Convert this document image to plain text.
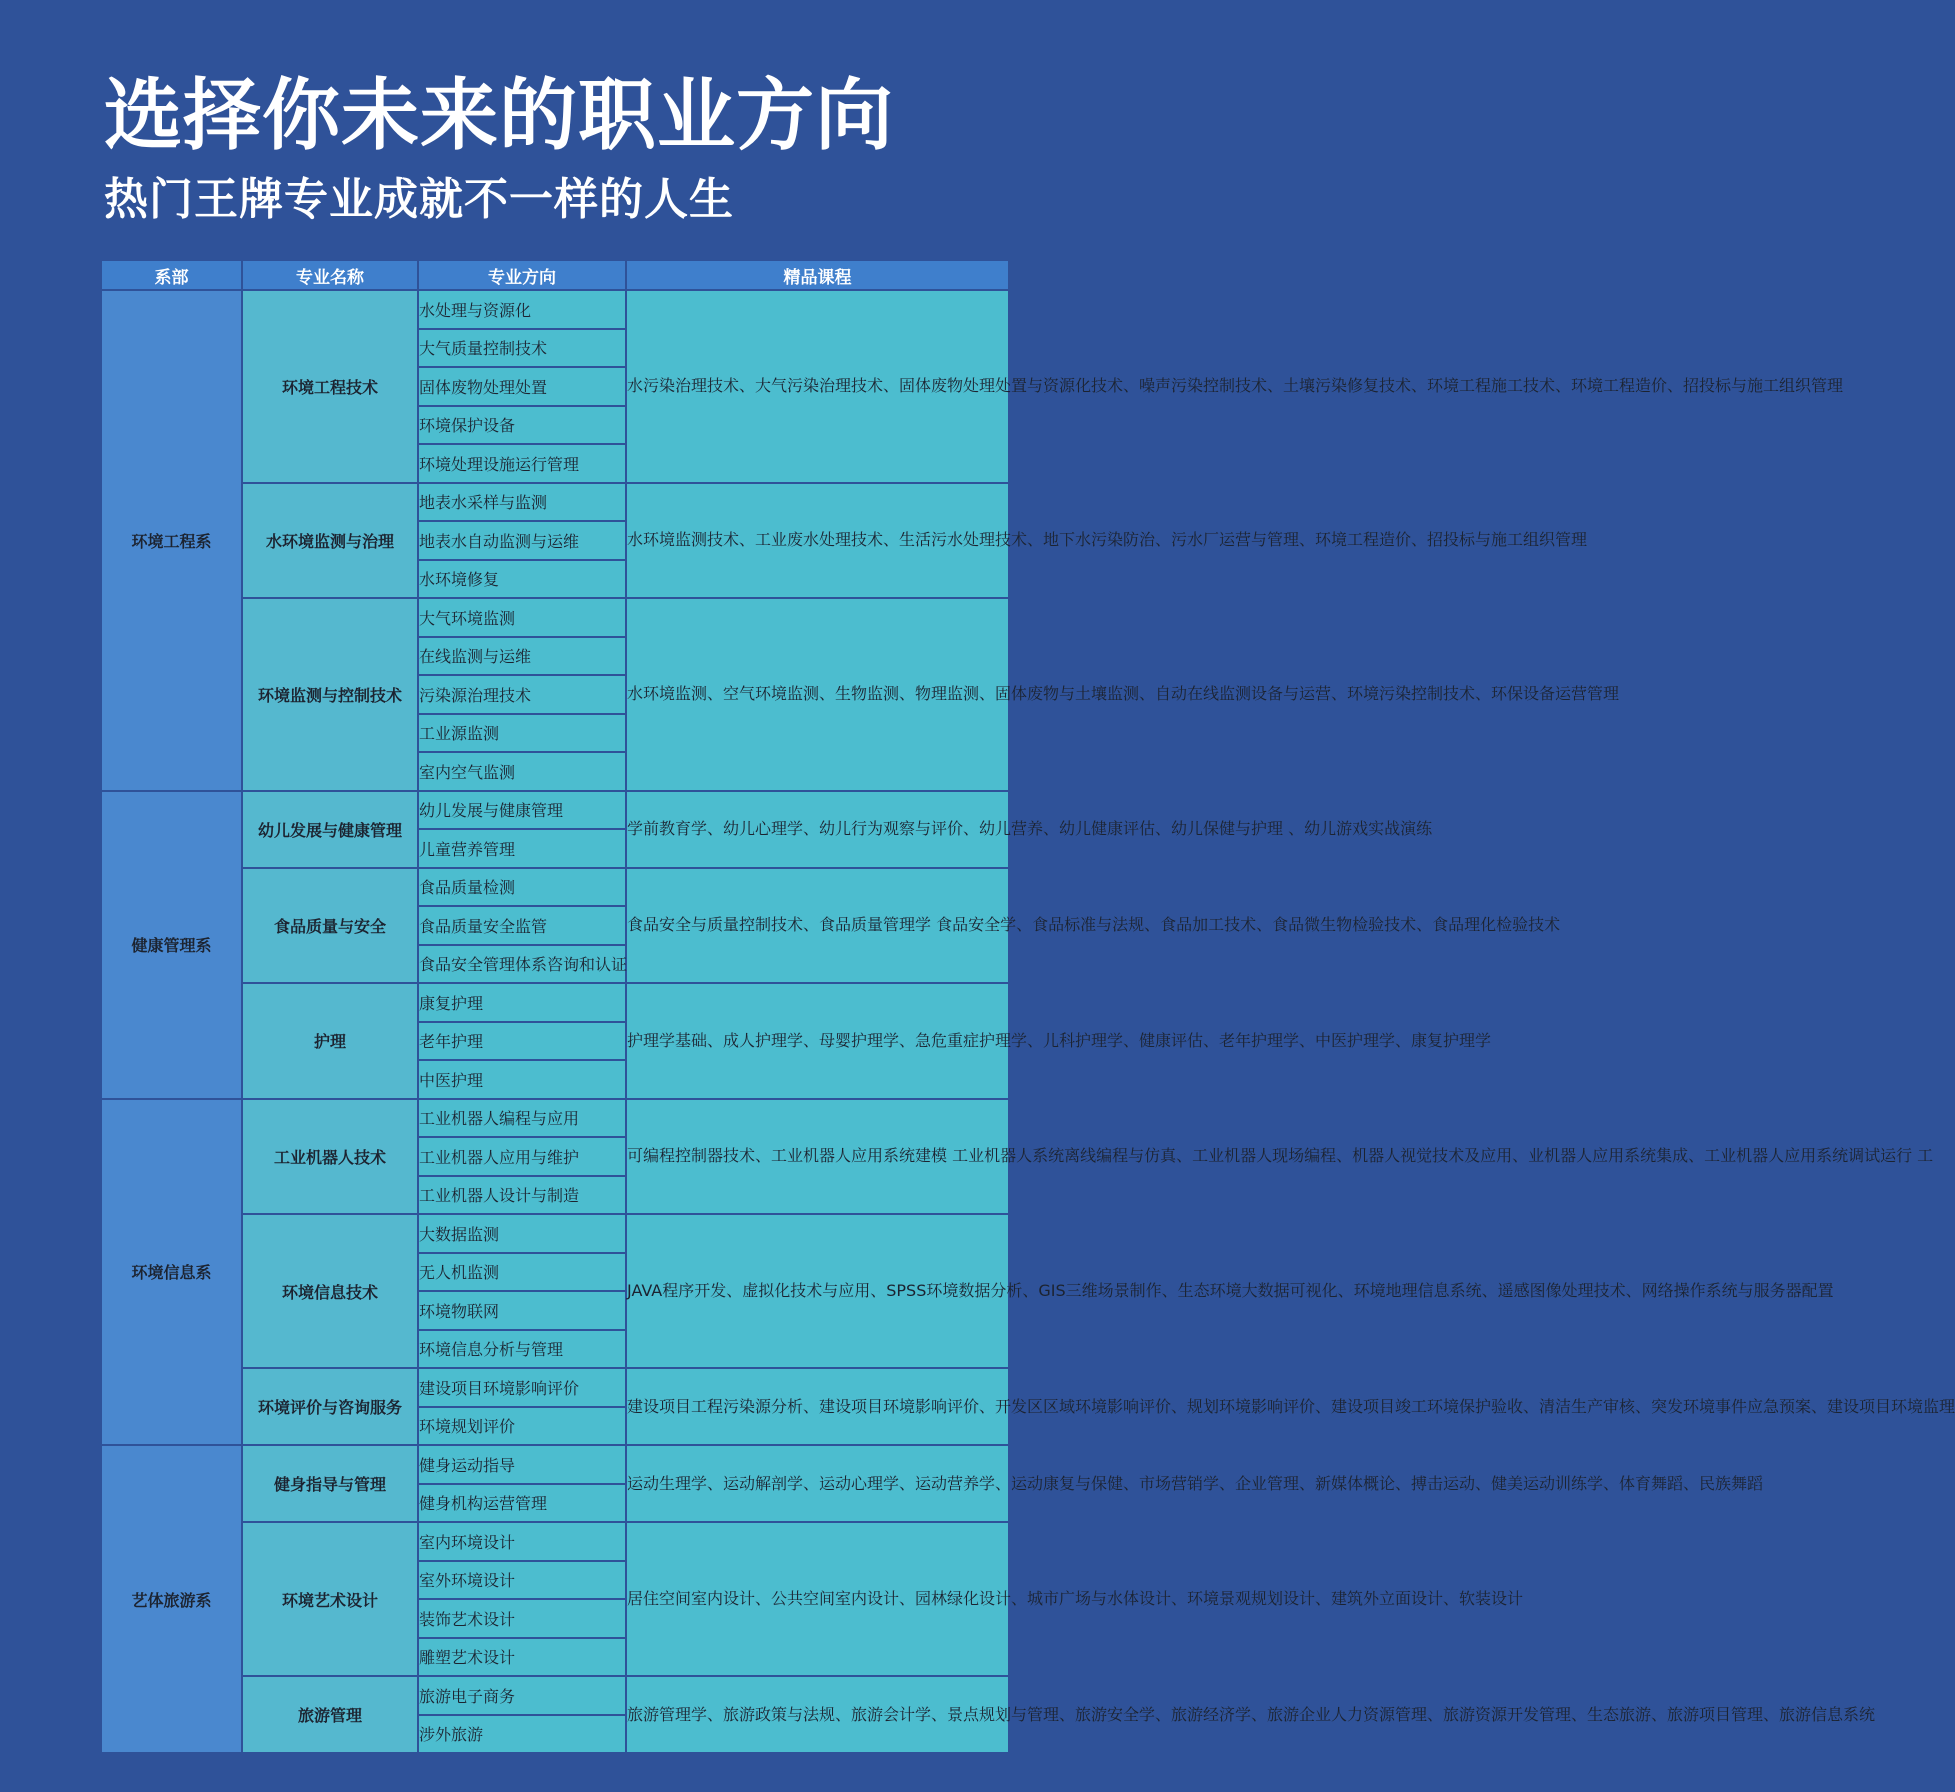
选择你未来的职业方向
热门王牌专业成就不一样的人生
系部	专业名称	专业方向	精品课程
环境工程系	环境工程技术	水处理与资源化	水污染治理技术、大气污染治理技术、固体废物处理处置与资源化技术、噪声污染控制技术、土壤污染修复技术、环境工程施工技术、环境工程造价、招投标与施工组织管理
		大气质量控制技术	
		固体废物处理处置	
		环境保护设备	
		环境处理设施运行管理	
	水环境监测与治理	地表水采样与监测	水环境监测技术、工业废水处理技术、生活污水处理技术、地下水污染防治、污水厂运营与管理、环境工程造价、招投标与施工组织管理
		地表水自动监测与运维	
		水环境修复	
	环境监测与控制技术	大气环境监测	水环境监测、空气环境监测、生物监测、物理监测、固体废物与土壤监测、自动在线监测设备与运营、环境污染控制技术、环保设备运营管理
		在线监测与运维	
		污染源治理技术	
		工业源监测	
		室内空气监测	
健康管理系	幼儿发展与健康管理	幼儿发展与健康管理	学前教育学、幼儿心理学、幼儿行为观察与评价、幼儿营养、幼儿健康评估、幼儿保健与护理 、幼儿游戏实战演练
		儿童营养管理	
	食品质量与安全	食品质量检测	食品安全与质量控制技术、食品质量管理学 食品安全学、食品标准与法规、食品加工技术、食品微生物检验技术、食品理化检验技术
		食品质量安全监管	
		食品安全管理体系咨询和认证	
	护理	康复护理	护理学基础、成人护理学、母婴护理学、急危重症护理学、儿科护理学、健康评估、老年护理学、中医护理学、康复护理学
		老年护理	
		中医护理	
环境信息系	工业机器人技术	工业机器人编程与应用	可编程控制器技术、工业机器人应用系统建模 工业机器人系统离线编程与仿真、工业机器人现场编程、机器人视觉技术及应用、业机器人应用系统集成、工业机器人应用系统调试运行 工
		工业机器人应用与维护	
		工业机器人设计与制造	
	环境信息技术	大数据监测	JAVA程序开发、虚拟化技术与应用、SPSS环境数据分析、GIS三维场景制作、生态环境大数据可视化、环境地理信息系统、遥感图像处理技术、网络操作系统与服务器配置
		无人机监测	
		环境物联网	
		环境信息分析与管理	
	环境评价与咨询服务	建设项目环境影响评价	建设项目工程污染源分析、建设项目环境影响评价、开发区区域环境影响评价、规划环境影响评价、建设项目竣工环境保护验收、清洁生产审核、突发环境事件应急预案、建设项目环境监理
		环境规划评价	
艺体旅游系	健身指导与管理	健身运动指导	运动生理学、运动解剖学、运动心理学、运动营养学、运动康复与保健、市场营销学、企业管理、新媒体概论、搏击运动、健美运动训练学、体育舞蹈、民族舞蹈
		健身机构运营管理	
	环境艺术设计	室内环境设计	居住空间室内设计、公共空间室内设计、园林绿化设计、城市广场与水体设计、环境景观规划设计、建筑外立面设计、软装设计
		室外环境设计	
		装饰艺术设计	
		雕塑艺术设计	
	旅游管理	旅游电子商务	旅游管理学、旅游政策与法规、旅游会计学、景点规划与管理、旅游安全学、旅游经济学、旅游企业人力资源管理、旅游资源开发管理、生态旅游、旅游项目管理、旅游信息系统
		涉外旅游	
